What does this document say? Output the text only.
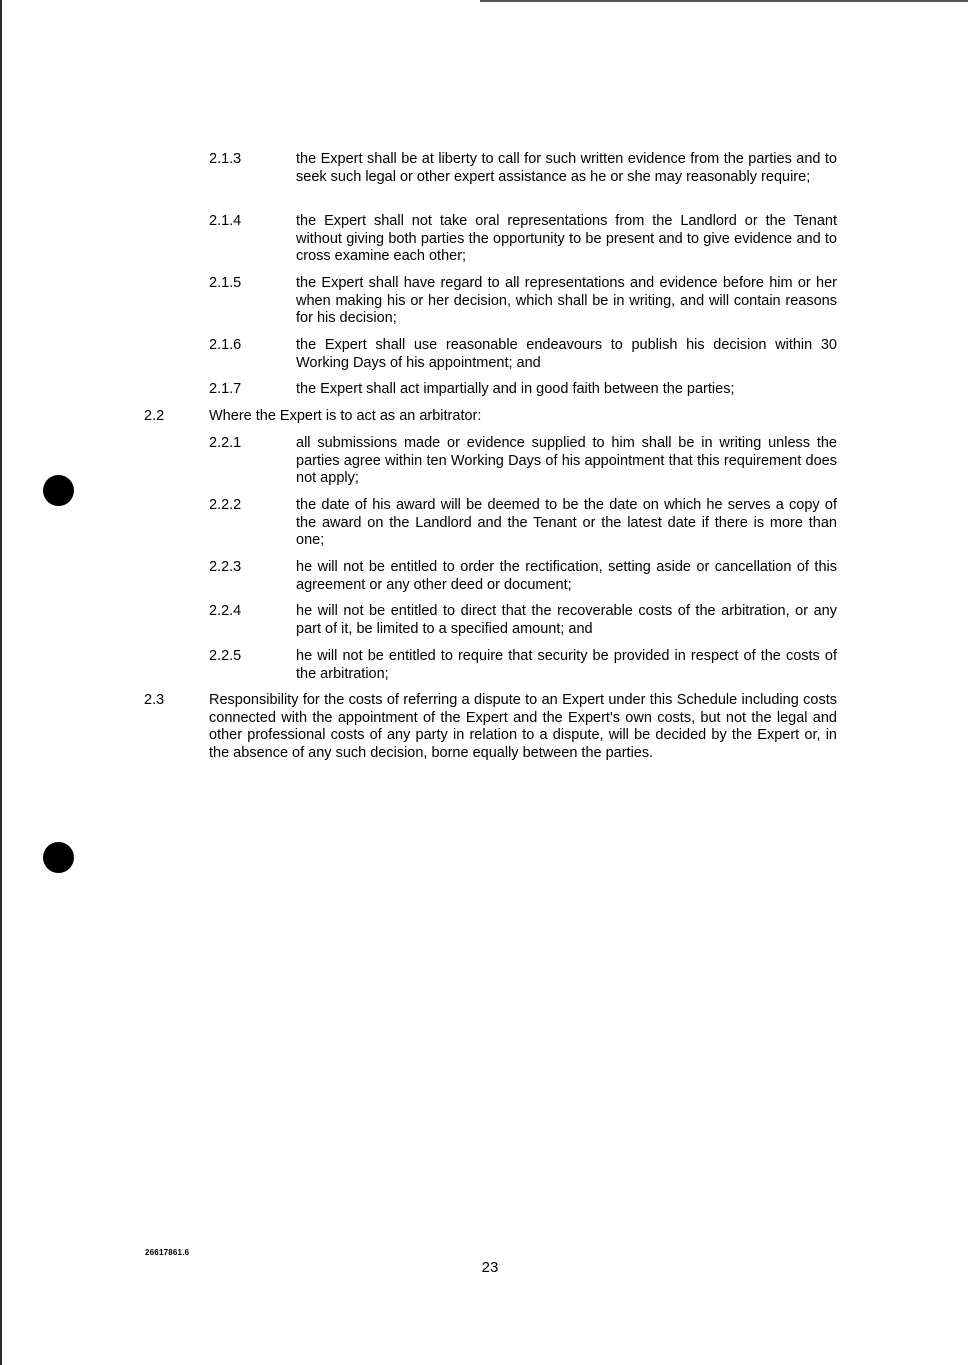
2.1.3	the Expert shall be at liberty to call for such written evidence from the parties and to seek such legal or other expert assistance as he or she may reasonably require;
2.1.4	the Expert shall not take oral representations from the Landlord or the Tenant without giving both parties the opportunity to be present and to give evidence and to cross examine each other;
2.1.5	the Expert shall have regard to all representations and evidence before him or her when making his or her decision, which shall be in writing, and will contain reasons for his decision;
2.1.6	the Expert shall use reasonable endeavours to publish his decision within 30 Working Days of his appointment; and
2.1.7	the Expert shall act impartially and in good faith between the parties;
2.2	Where the Expert is to act as an arbitrator:
2.2.1	all submissions made or evidence supplied to him shall be in writing unless the parties agree within ten Working Days of his appointment that this requirement does not apply;
2.2.2	the date of his award will be deemed to be the date on which he serves a copy of the award on the Landlord and the Tenant or the latest date if there is more than one;
2.2.3	he will not be entitled to order the rectification, setting aside or cancellation of this agreement or any other deed or document;
2.2.4	he will not be entitled to direct that the recoverable costs of the arbitration, or any part of it, be limited to a specified amount; and
2.2.5	he will not be entitled to require that security be provided in respect of the costs of the arbitration;
2.3	Responsibility for the costs of referring a dispute to an Expert under this Schedule including costs connected with the appointment of the Expert and the Expert's own costs, but not the legal and other professional costs of any party in relation to a dispute, will be decided by the Expert or, in the absence of any such decision, borne equally between the parties.
26617861.6
23
